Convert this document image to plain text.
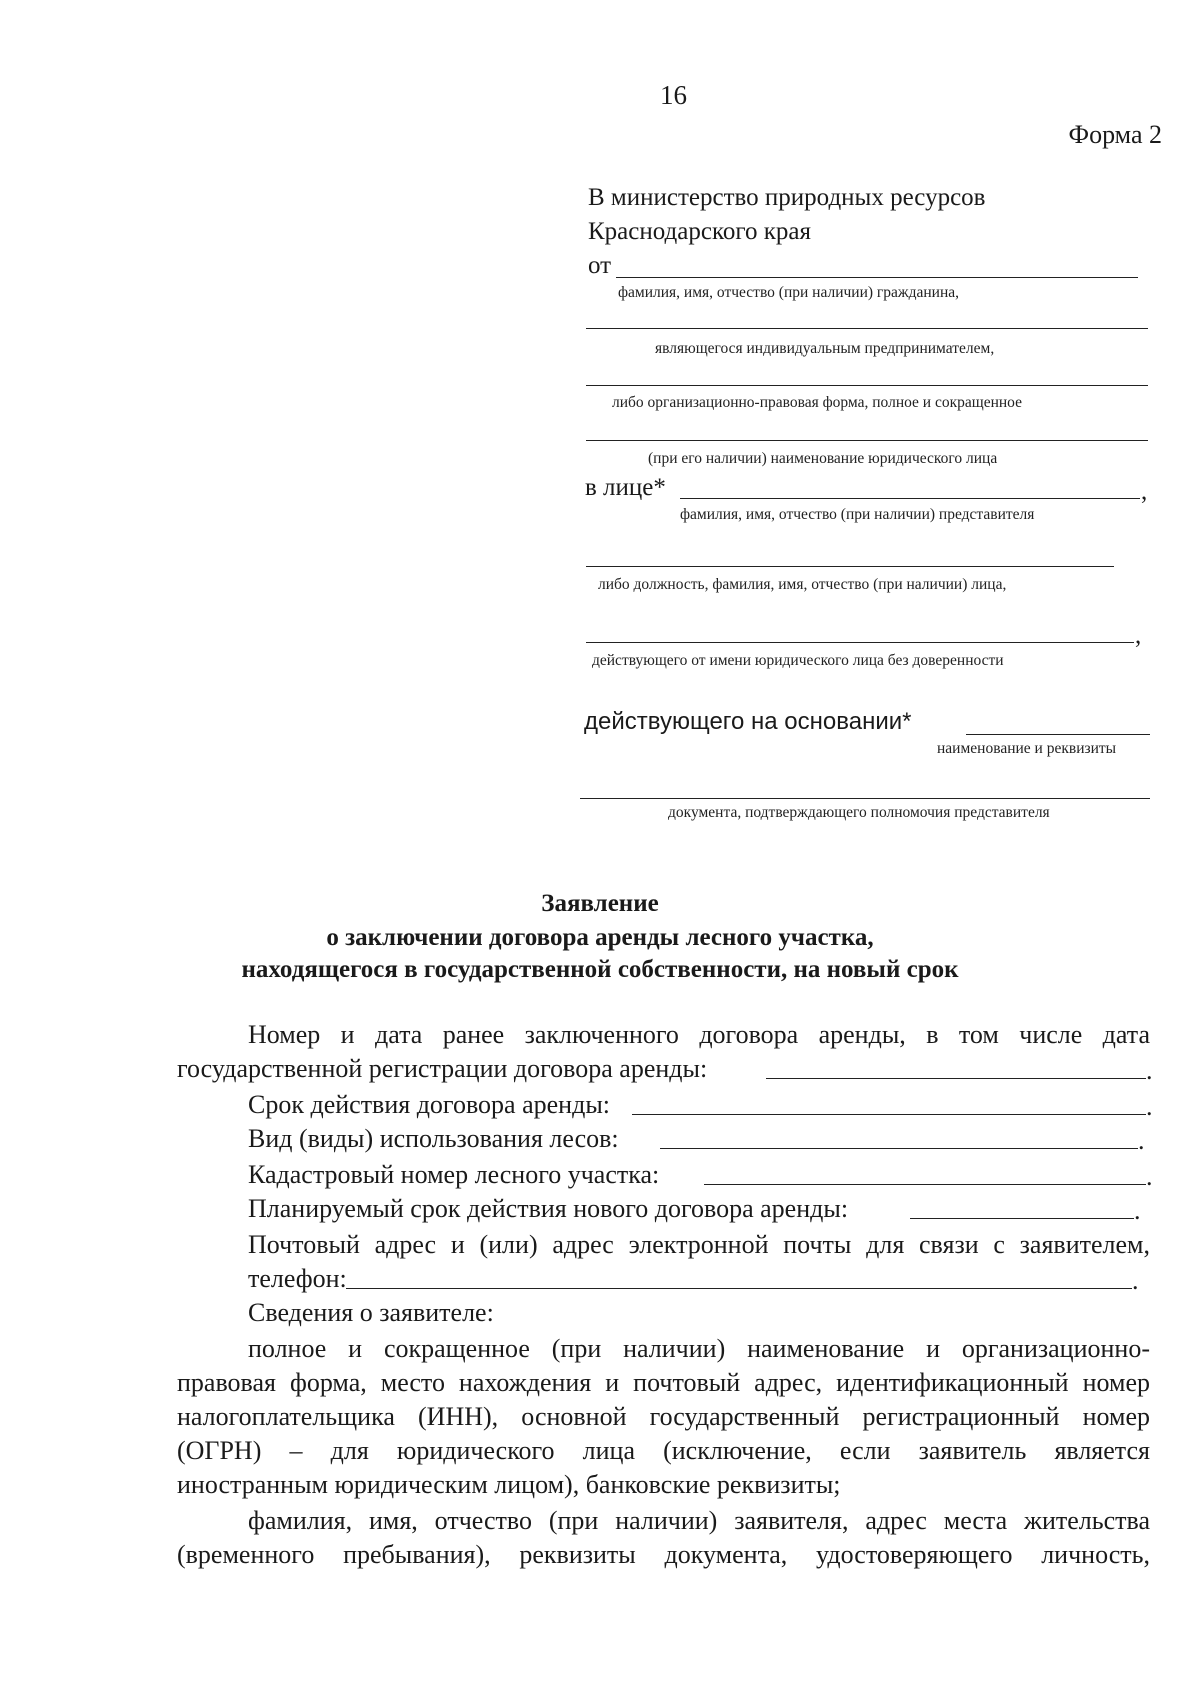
16
Форма 2
В министерство природных ресурсов
Краснодарского края
от
фамилия, имя, отчество (при наличии) гражданина,
являющегося индивидуальным предпринимателем,
либо организационно-правовая форма, полное и сокращенное
(при его наличии) наименование юридического лица
в лице*	,
фамилия, имя, отчество (при наличии) представителя
либо должность, фамилия, имя, отчество (при наличии) лица,
,
действующего от имени юридического лица без доверенности
действующего на основании*
наименование и реквизиты
документа, подтверждающего полномочия представителя
Заявление
о заключении договора аренды лесного участка,
находящегося в государственной собственности, на новый срок
Номер и дата ранее заключенного договора аренды, в том числе дата
государственной регистрации договора аренды:	.
Срок действия договора аренды:	.
Вид (виды) использования лесов:	.
Кадастровый номер лесного участка:	.
Планируемый срок действия нового договора аренды:	.
Почтовый адрес и (или) адрес электронной почты для связи с заявителем,
телефон:	.
Сведения о заявителе:
полное и сокращенное (при наличии) наименование и организационно-
правовая форма, место нахождения и почтовый адрес, идентификационный номер
налогоплательщика (ИНН), основной государственный регистрационный номер
(ОГРН) – для юридического лица (исключение, если заявитель является
иностранным юридическим лицом), банковские реквизиты;
фамилия, имя, отчество (при наличии) заявителя, адрес места жительства
(временного пребывания), реквизиты документа, удостоверяющего личность,
